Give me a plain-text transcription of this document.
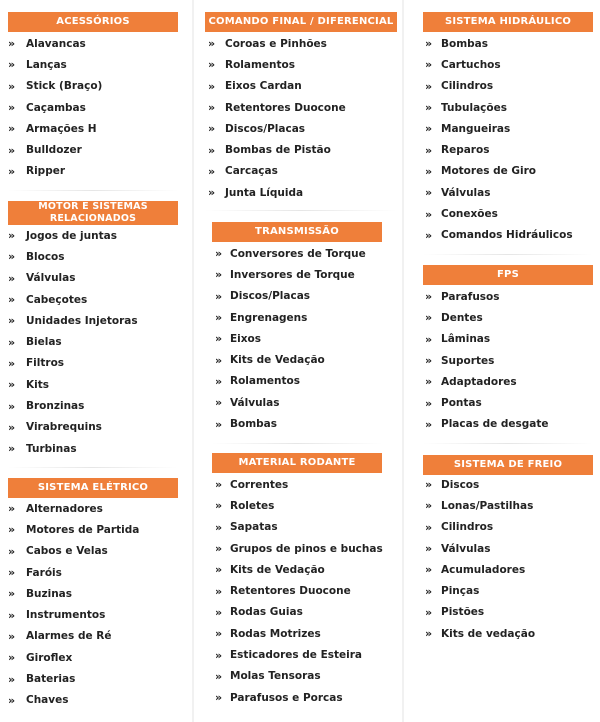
ACESSÓRIOS
»	Alavancas
»	Lanças
»	Stick (Braço)
»	Caçambas
»	Armações H
»	Bulldozer
»	Ripper
MOTOR E SISTEMAS RELACIONADOS
»	Jogos de juntas
»	Blocos
»	Válvulas
»	Cabeçotes
»	Unidades Injetoras
»	Bielas
»	Filtros
»	Kits
»	Bronzinas
»	Virabrequins
»	Turbinas
SISTEMA ELÉTRICO
»	Alternadores
»	Motores de Partida
»	Cabos e Velas
»	Faróis
»	Buzinas
»	Instrumentos
»	Alarmes de Ré
»	Giroflex
»	Baterias
»	Chaves
COMANDO FINAL / DIFERENCIAL
»	Coroas e Pinhões
»	Rolamentos
»	Eixos Cardan
»	Retentores Duocone
»	Discos/Placas
»	Bombas de Pistão
»	Carcaças
»	Junta Líquida
TRANSMISSÃO
» Conversores de Torque
» Inversores de Torque
» Discos/Placas
» Engrenagens
» Eixos
» Kits de Vedação
» Rolamentos
» Válvulas
» Bombas
MATERIAL RODANTE
» Correntes
» Roletes
» Sapatas
» Grupos de pinos e buchas
» Kits de Vedação
» Retentores Duocone
» Rodas Guias
» Rodas Motrizes
» Esticadores de Esteira
» Molas Tensoras
» Parafusos e Porcas
SISTEMA HIDRÁULICO
»	Bombas
»	Cartuchos
»	Cilindros
»	Tubulações
»	Mangueiras
»	Reparos
»	Motores de Giro
»	Válvulas
»	Conexões
»	Comandos Hidráulicos
FPS
»	Parafusos
»	Dentes
»	Lâminas
»	Suportes
»	Adaptadores
»	Pontas
»	Placas de desgate
SISTEMA DE FREIO
»	Discos
»	Lonas/Pastilhas
»	Cilindros
»	Válvulas
»	Acumuladores
»	Pinças
»	Pistões
»	Kits de vedação
